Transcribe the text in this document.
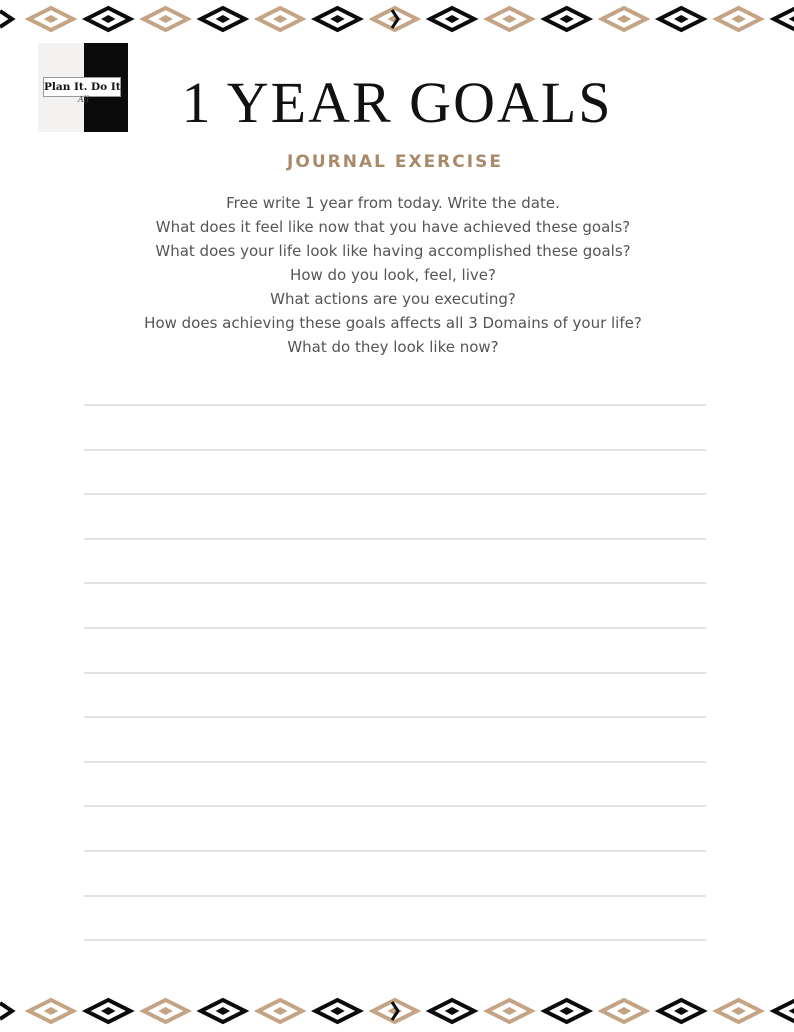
Plan It. Do It.
All	1 YEAR GOALS
JOURNAL EXERCISE
Free write 1 year from today. Write the date.
What does it feel like now that you have achieved these goals?
What does your life look like having accomplished these goals?
How do you look, feel, live?
What actions are you executing?
How does achieving these goals affects all 3 Domains of your life?
What do they look like now?
